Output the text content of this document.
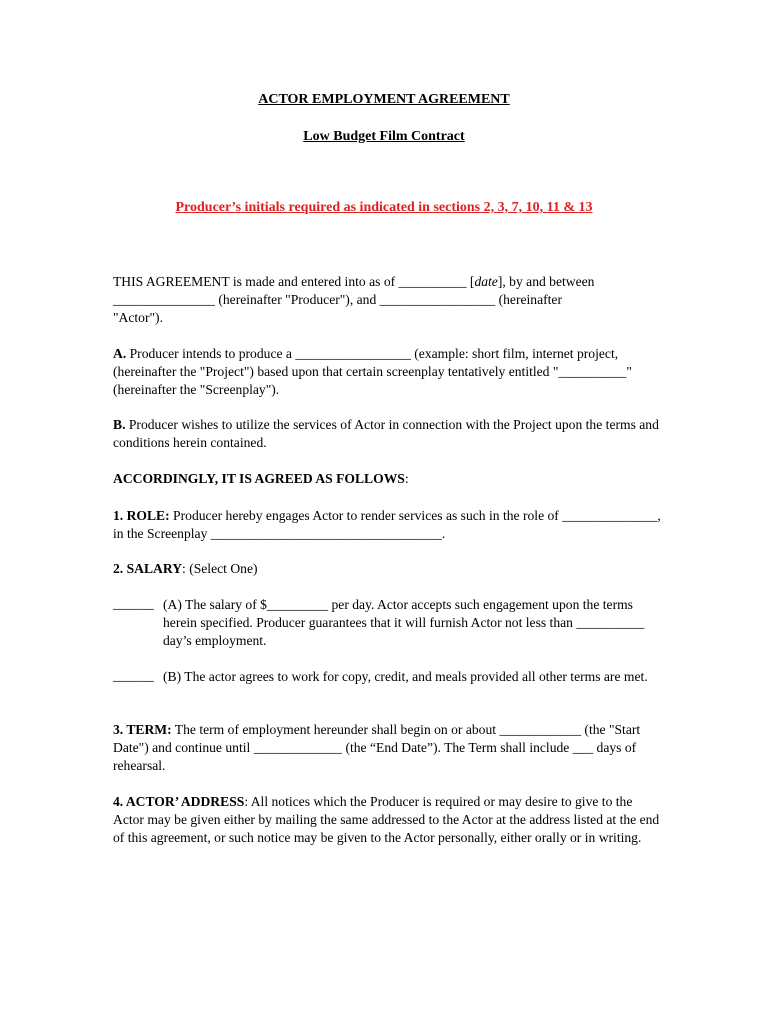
ACTOR EMPLOYMENT AGREEMENT
Low Budget Film Contract
Producer’s initials required as indicated in sections 2, 3, 7, 10, 11 & 13
THIS AGREEMENT is made and entered into as of __________ [date], by and between
_______________ (hereinafter "Producer"), and _________________ (hereinafter
"Actor").
A. Producer intends to produce a _________________ (example: short film, internet project, (hereinafter the "Project") based upon that certain screenplay tentatively entitled "__________" (hereinafter the "Screenplay").
B. Producer wishes to utilize the services of Actor in connection with the Project upon the terms and conditions herein contained.
ACCORDINGLY, IT IS AGREED AS FOLLOWS:
1. ROLE: Producer hereby engages Actor to render services as such in the role of ______________, in the Screenplay __________________________________.
2. SALARY: (Select One)
______ (A) The salary of $_________ per day. Actor accepts such engagement upon the terms herein specified. Producer guarantees that it will furnish Actor not less than __________ day’s employment.
______ (B) The actor agrees to work for copy, credit, and meals provided all other terms are met.
3. TERM: The term of employment hereunder shall begin on or about ____________ (the "Start Date") and continue until _____________ (the “End Date”). The Term shall include ___ days of rehearsal.
4. ACTOR’ ADDRESS: All notices which the Producer is required or may desire to give to the Actor may be given either by mailing the same addressed to the Actor at the address listed at the end of this agreement, or such notice may be given to the Actor personally, either orally or in writing.
